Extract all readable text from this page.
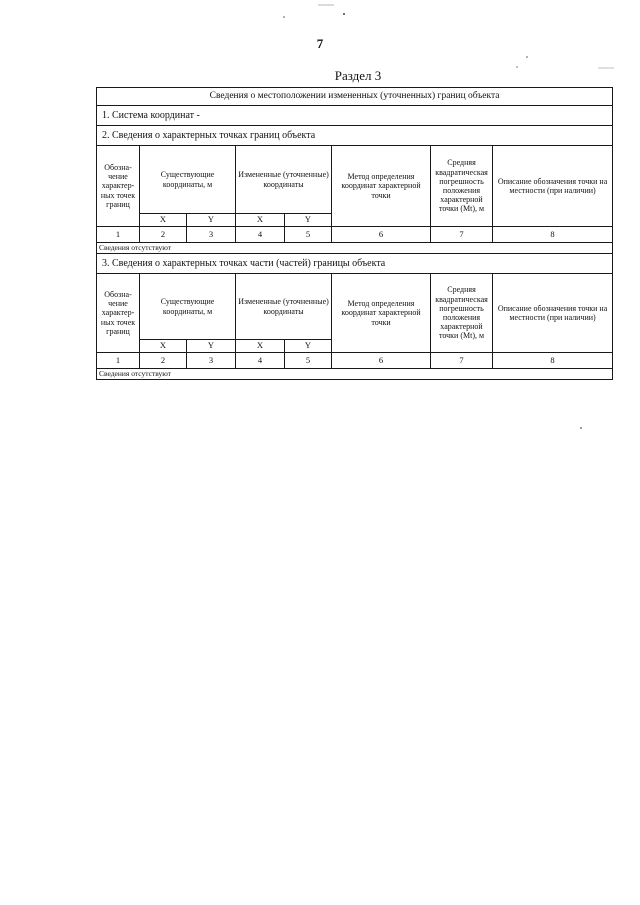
7
Раздел 3
Сведения о местоположении измененных (уточненных) границ объекта							
1. Система координат -							
2. Сведения о характерных точках границ объекта							
Обозна-чение характер-ных точек границ	Существующие координаты, м		Измененные (уточненные) координаты		Метод определения координат характерной точки	Средняя квадратическая погрешность положения характерной точки (Mt), м	Описание обозначения точки на местности (при наличии)
	X	Y	X	Y			
1	2	3	4	5	6	7	8
Сведения отсутствуют							
3. Сведения о характерных точках части (частей) границы объекта							
Обозна-чение характер-ных точек границ	Существующие координаты, м		Измененные (уточненные) координаты		Метод определения координат характерной точки	Средняя квадратическая погрешность положения характерной точки (Mt), м	Описание обозначения точки на местности (при наличии)
	X	Y	X	Y			
1	2	3	4	5	6	7	8
Сведения отсутствуют							
